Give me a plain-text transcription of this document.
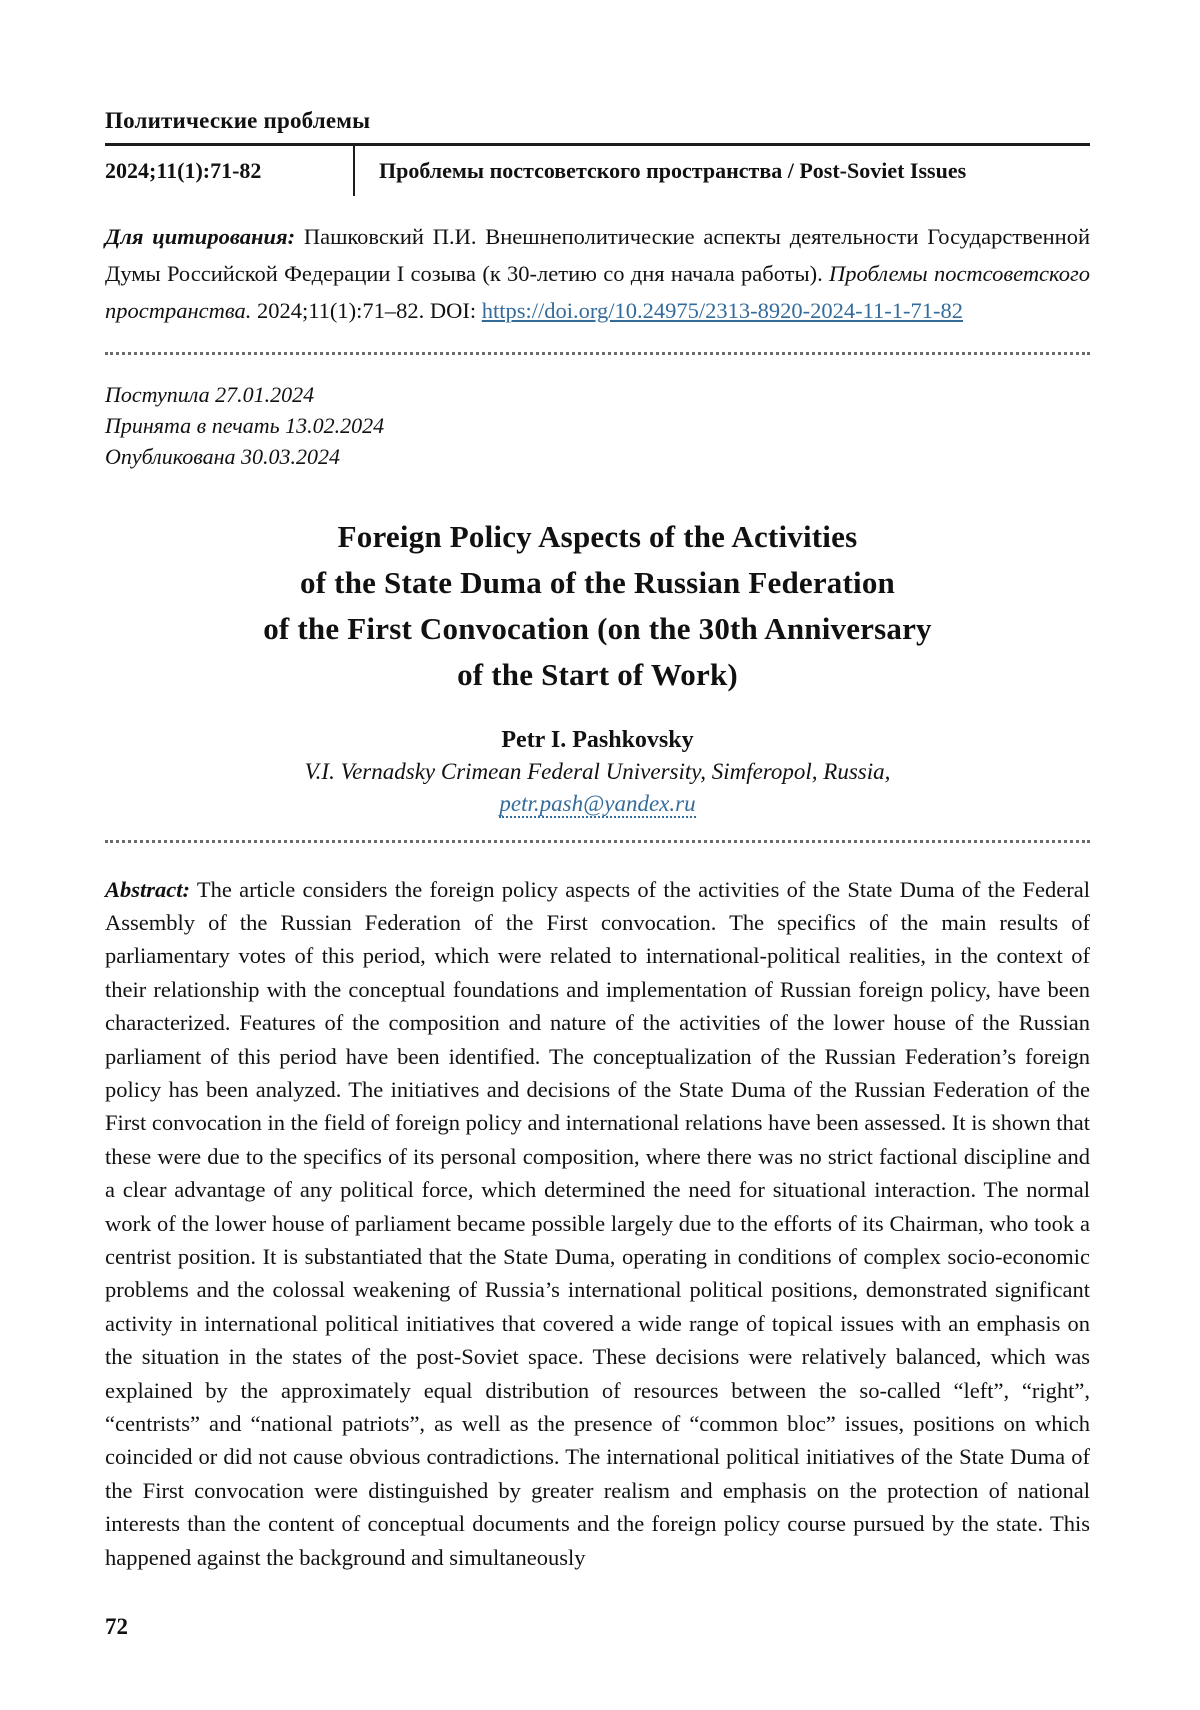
Политические проблемы
2024;11(1):71-82	Проблемы постсоветского пространства / Post-Soviet Issues

Для цитирования: Пашковский П.И. Внешнеполитические аспекты деятельности Государственной Думы Российской Федерации I созыва (к 30-летию со дня начала работы). Проблемы постсоветского пространства. 2024;11(1):71–82. DOI: https://doi.org/10.24975/2313-8920-2024-11-1-71-82

Поступила 27.01.2024
Принята в печать 13.02.2024
Опубликована 30.03.2024
Foreign Policy Aspects of the Activities
of the State Duma of the Russian Federation
of the First Convocation (on the 30th Anniversary
of the Start of Work)
Petr I. Pashkovsky
V.I. Vernadsky Crimean Federal University, Simferopol, Russia,
petr.pash@yandex.ru

Abstract: The article considers the foreign policy aspects of the activities of the State Duma of the Federal Assembly of the Russian Federation of the First convocation. The specifics of the main results of parliamentary votes of this period, which were related to international-political realities, in the context of their relationship with the conceptual foundations and implementation of Russian foreign policy, have been characterized. Features of the composition and nature of the activities of the lower house of the Russian parliament of this period have been identified. The conceptualization of the Russian Federation’s foreign policy has been analyzed. The initiatives and decisions of the State Duma of the Russian Federation of the First convocation in the field of foreign policy and international relations have been assessed. It is shown that these were due to the specifics of its personal composition, where there was no strict factional discipline and a clear advantage of any political force, which determined the need for situational interaction. The normal work of the lower house of parliament became possible largely due to the efforts of its Chairman, who took a centrist position. It is substantiated that the State Duma, operating in conditions of complex socio-economic problems and the colossal weakening of Russia’s international political positions, demonstrated significant activity in international political initiatives that covered a wide range of topical issues with an emphasis on the situation in the states of the post-Soviet space. These decisions were relatively balanced, which was explained by the approximately equal distribution of resources between the so-called “left”, “right”, “centrists” and “national patriots”, as well as the presence of “common bloc” issues, positions on which coincided or did not cause obvious contradictions. The international political initiatives of the State Duma of the First convocation were distinguished by greater realism and emphasis on the protection of national interests than the content of conceptual documents and the foreign policy course pursued by the state. This happened against the background and simultaneously

72
